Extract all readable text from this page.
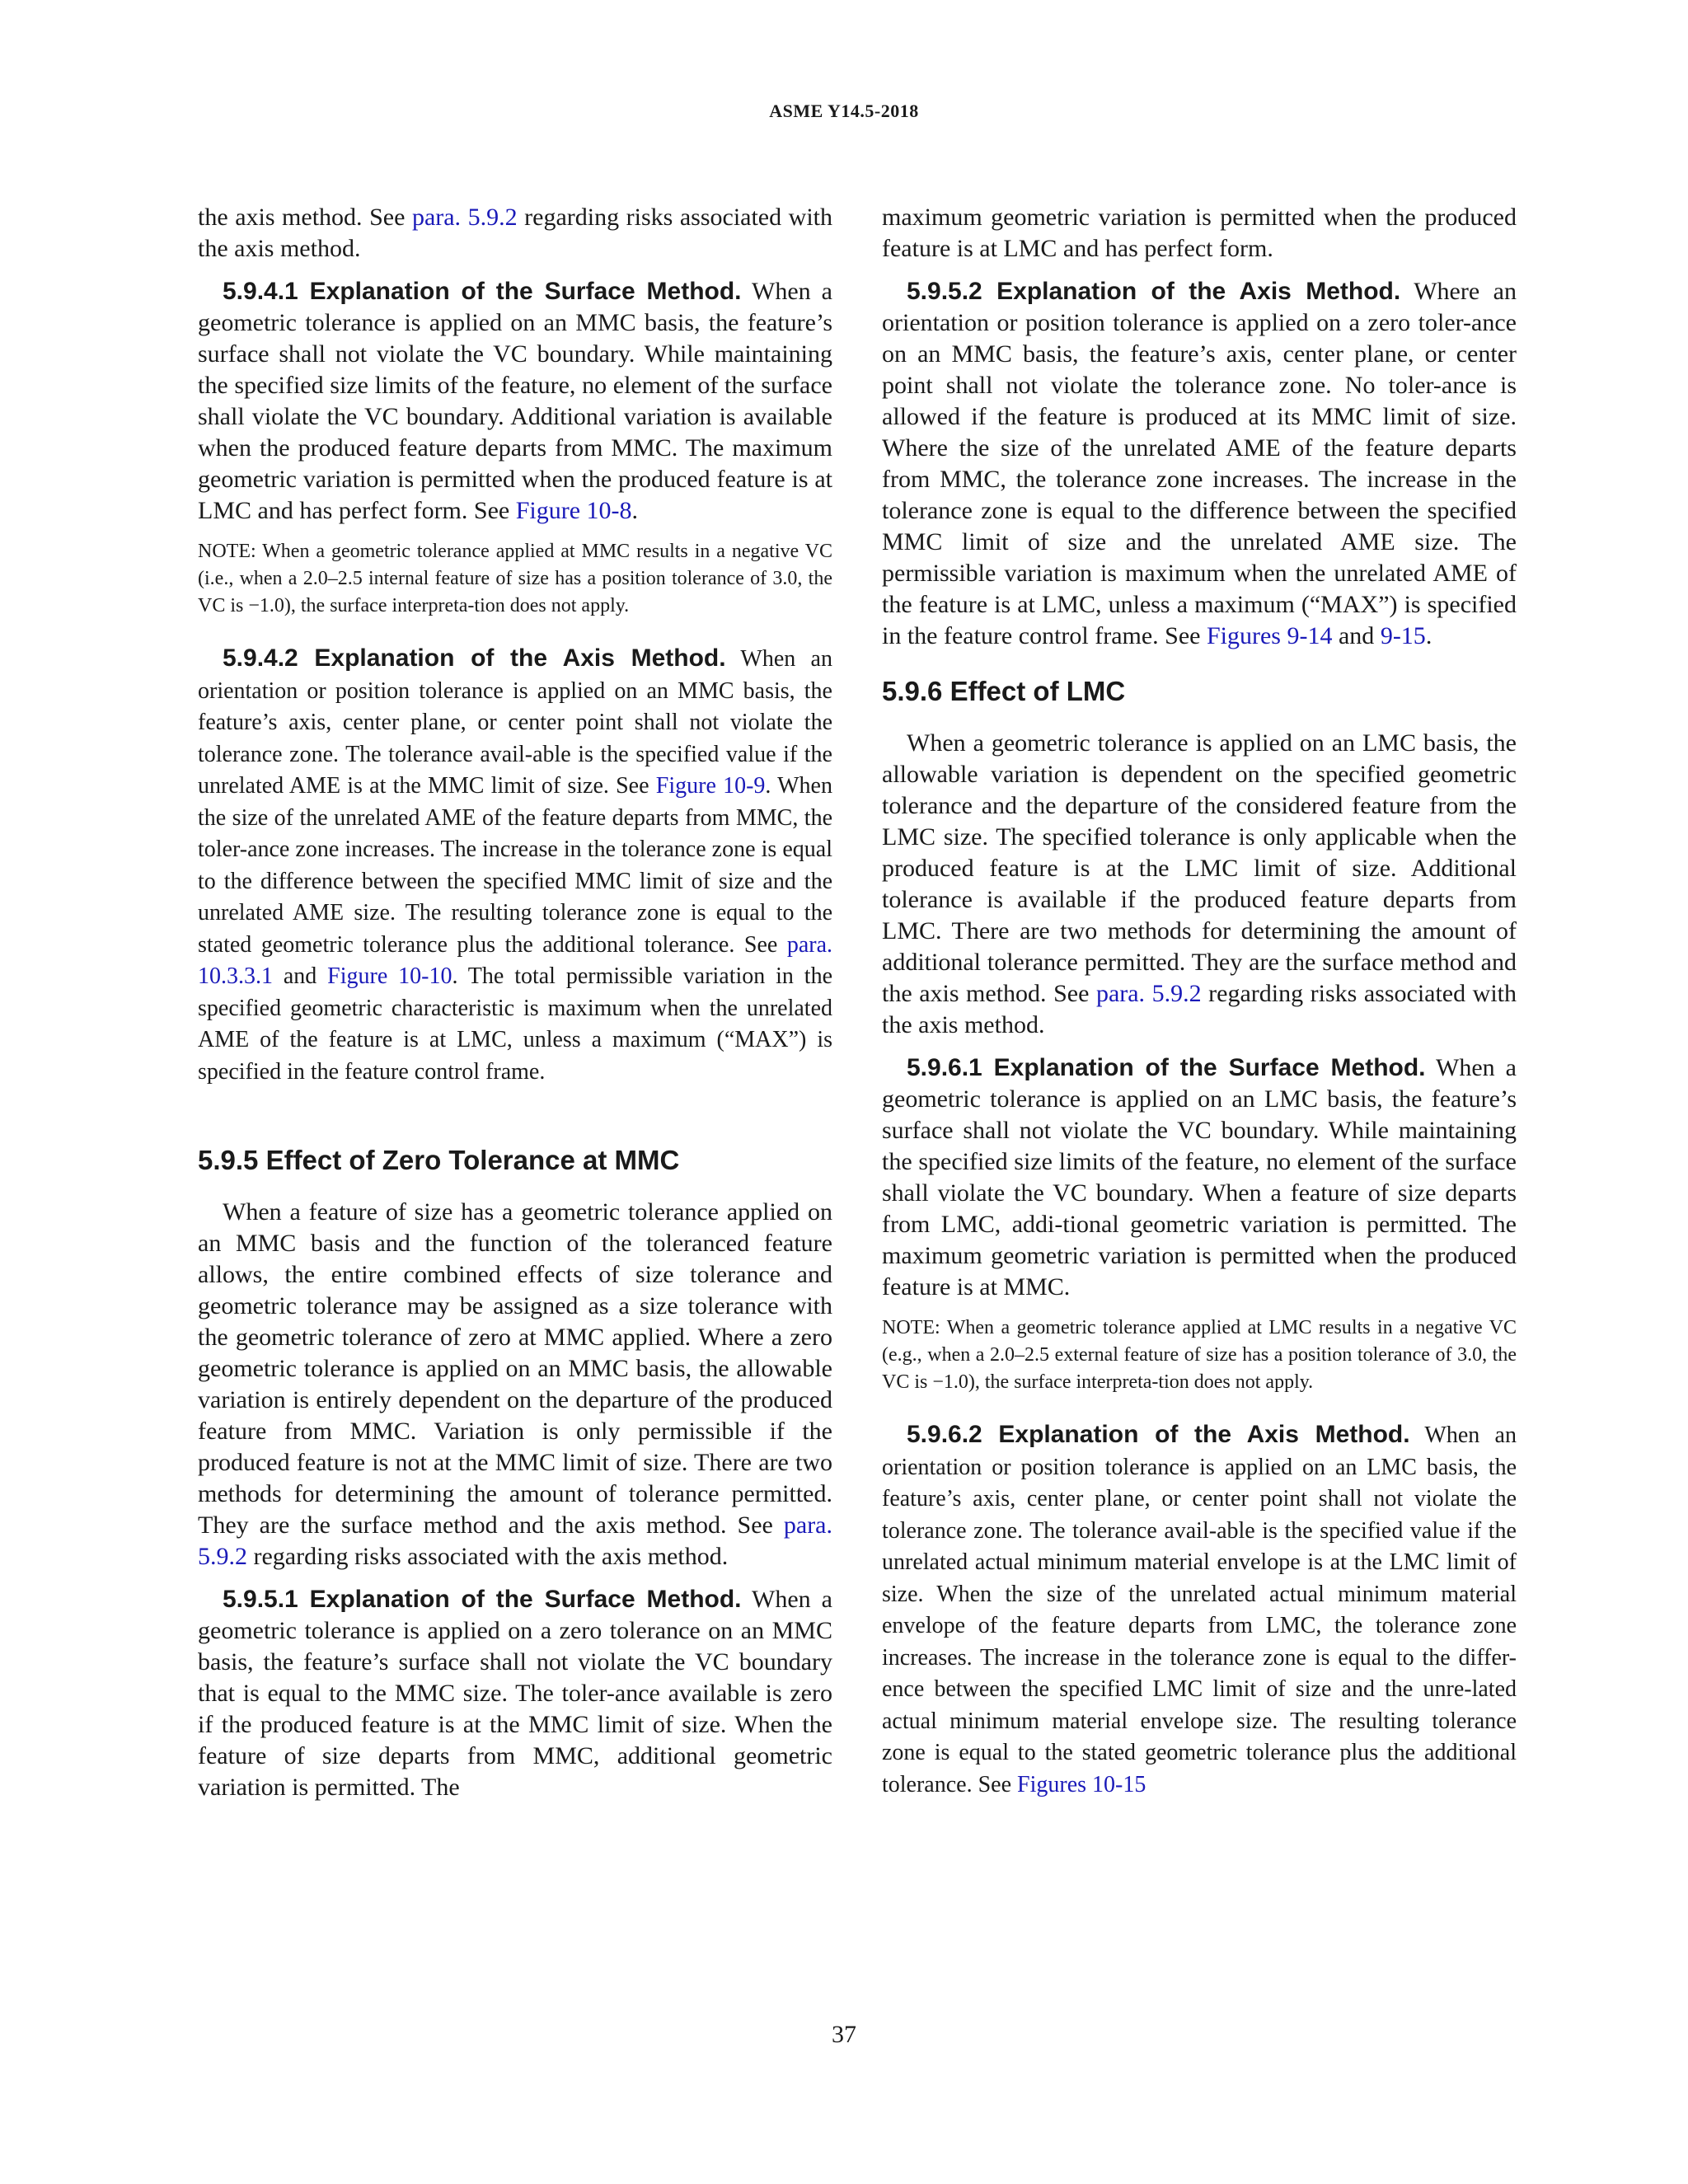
ASME Y14.5-2018

the axis method. See para. 5.9.2 regarding risks associated with the axis method.

5.9.4.1 Explanation of the Surface Method. When a geometric tolerance is applied on an MMC basis, the feature’s surface shall not violate the VC boundary. While maintaining the specified size limits of the feature, no element of the surface shall violate the VC boundary. Additional variation is available when the produced feature departs from MMC. The maximum geometric variation is permitted when the produced feature is at LMC and has perfect form. See Figure 10-8.

NOTE: When a geometric tolerance applied at MMC results in a negative VC (i.e., when a 2.0–2.5 internal feature of size has a position tolerance of 3.0, the VC is −1.0), the surface interpreta-tion does not apply.

5.9.4.2 Explanation of the Axis Method. When an orientation or position tolerance is applied on an MMC basis, the feature’s axis, center plane, or center point shall not violate the tolerance zone. The tolerance avail-able is the specified value if the unrelated AME is at the MMC limit of size. See Figure 10-9. When the size of the unrelated AME of the feature departs from MMC, the toler-ance zone increases. The increase in the tolerance zone is equal to the difference between the specified MMC limit of size and the unrelated AME size. The resulting tolerance zone is equal to the stated geometric tolerance plus the additional tolerance. See para. 10.3.3.1 and Figure 10-10. The total permissible variation in the specified geometric characteristic is maximum when the unrelated AME of the feature is at LMC, unless a maximum (“MAX”) is specified in the feature control frame.

5.9.5 Effect of Zero Tolerance at MMC

When a feature of size has a geometric tolerance applied on an MMC basis and the function of the toleranced feature allows, the entire combined effects of size tolerance and geometric tolerance may be assigned as a size tolerance with the geometric tolerance of zero at MMC applied. Where a zero geometric tolerance is applied on an MMC basis, the allowable variation is entirely dependent on the departure of the produced feature from MMC. Variation is only permissible if the produced feature is not at the MMC limit of size. There are two methods for determining the amount of tolerance permitted. They are the surface method and the axis method. See para. 5.9.2 regarding risks associated with the axis method.

5.9.5.1 Explanation of the Surface Method. When a geometric tolerance is applied on a zero tolerance on an MMC basis, the feature’s surface shall not violate the VC boundary that is equal to the MMC size. The toler-ance available is zero if the produced feature is at the MMC limit of size. When the feature of size departs from MMC, additional geometric variation is permitted. The

maximum geometric variation is permitted when the produced feature is at LMC and has perfect form.

5.9.5.2 Explanation of the Axis Method. Where an orientation or position tolerance is applied on a zero toler-ance on an MMC basis, the feature’s axis, center plane, or center point shall not violate the tolerance zone. No toler-ance is allowed if the feature is produced at its MMC limit of size. Where the size of the unrelated AME of the feature departs from MMC, the tolerance zone increases. The increase in the tolerance zone is equal to the difference between the specified MMC limit of size and the unrelated AME size. The permissible variation is maximum when the unrelated AME of the feature is at LMC, unless a maximum (“MAX”) is specified in the feature control frame. See Figures 9-14 and 9-15.

5.9.6 Effect of LMC

When a geometric tolerance is applied on an LMC basis, the allowable variation is dependent on the specified geometric tolerance and the departure of the considered feature from the LMC size. The specified tolerance is only applicable when the produced feature is at the LMC limit of size. Additional tolerance is available if the produced feature departs from LMC. There are two methods for determining the amount of additional tolerance permitted. They are the surface method and the axis method. See para. 5.9.2 regarding risks associated with the axis method.

5.9.6.1 Explanation of the Surface Method. When a geometric tolerance is applied on an LMC basis, the feature’s surface shall not violate the VC boundary. While maintaining the specified size limits of the feature, no element of the surface shall violate the VC boundary. When a feature of size departs from LMC, addi-tional geometric variation is permitted. The maximum geometric variation is permitted when the produced feature is at MMC.

NOTE: When a geometric tolerance applied at LMC results in a negative VC (e.g., when a 2.0–2.5 external feature of size has a position tolerance of 3.0, the VC is −1.0), the surface interpreta-tion does not apply.

5.9.6.2 Explanation of the Axis Method. When an orientation or position tolerance is applied on an LMC basis, the feature’s axis, center plane, or center point shall not violate the tolerance zone. The tolerance avail-able is the specified value if the unrelated actual minimum material envelope is at the LMC limit of size. When the size of the unrelated actual minimum material envelope of the feature departs from LMC, the tolerance zone increases. The increase in the tolerance zone is equal to the differ-ence between the specified LMC limit of size and the unre-lated actual minimum material envelope size. The resulting tolerance zone is equal to the stated geometric tolerance plus the additional tolerance. See Figures 10-15

37
